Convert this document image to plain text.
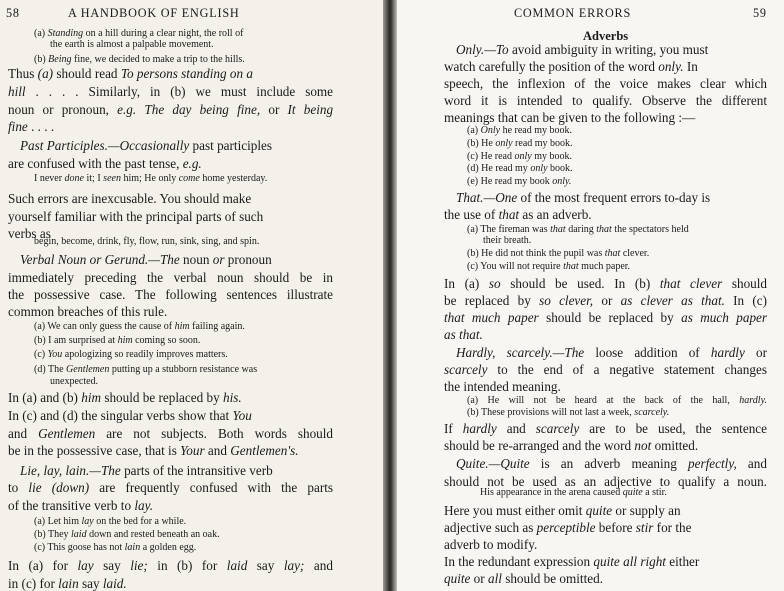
58	A HANDBOOK OF ENGLISH
(a) Standing on a hill during a clear night, the roll of
the earth is almost a palpable movement.
(b) Being fine, we decided to make a trip to the hills.
Thus (a) should read To persons standing on a
hill . . . . Similarly, in (b) we must include some
noun or pronoun, e.g. The day being fine, or It being
fine . . . .
Past Participles.—Occasionally past participles
are confused with the past tense, e.g.
I never done it; I seen him; He only come home yesterday.
Such errors are inexcusable. You should make
yourself familiar with the principal parts of such
verbs as
begin, become, drink, fly, flow, run, sink, sing, and spin.
Verbal Noun or Gerund.—The noun or pronoun
immediately preceding the verbal noun should be in
the possessive case. The following sentences illustrate
common breaches of this rule.
(a) We can only guess the cause of him failing again.
(b) I am surprised at him coming so soon.
(c) You apologizing so readily improves matters.
(d) The Gentlemen putting up a stubborn resistance was
unexpected.
In (a) and (b) him should be replaced by his.
In (c) and (d) the singular verbs show that You
and Gentlemen are not subjects. Both words should
be in the possessive case, that is Your and Gentlemen's.
Lie, lay, lain.—The parts of the intransitive verb
to lie (down) are frequently confused with the parts
of the transitive verb to lay.
(a) Let him lay on the bed for a while.
(b) They laid down and rested beneath an oak.
(c) This goose has not lain a golden egg.
In (a) for lay say lie; in (b) for laid say lay; and
in (c) for lain say laid.
COMMON ERRORS	59
Adverbs
Only.—To avoid ambiguity in writing, you must
watch carefully the position of the word only. In
speech, the inflexion of the voice makes clear which
word it is intended to qualify. Observe the different
meanings that can be given to the following :—
(a) Only he read my book.
(b) He only read my book.
(c) He read only my book.
(d) He read my only book.
(e) He read my book only.
That.—One of the most frequent errors to-day is
the use of that as an adverb.
(a) The fireman was that daring that the spectators held
their breath.
(b) He did not think the pupil was that clever.
(c) You will not require that much paper.
In (a) so should be used. In (b) that clever should
be replaced by so clever, or as clever as that. In (c)
that much paper should be replaced by as much paper
as that.
Hardly, scarcely.—The loose addition of hardly or
scarcely to the end of a negative statement changes
the intended meaning.
(a) He will not be heard at the back of the hall, hardly.
(b) These provisions will not last a week, scarcely.
If hardly and scarcely are to be used, the sentence
should be re-arranged and the word not omitted.
Quite.—Quite is an adverb meaning perfectly, and
should not be used as an adjective to qualify a noun.
His appearance in the arena caused quite a stir.
Here you must either omit quite or supply an
adjective such as perceptible before stir for the
adverb to modify.
In the redundant expression quite all right either
quite or all should be omitted.
